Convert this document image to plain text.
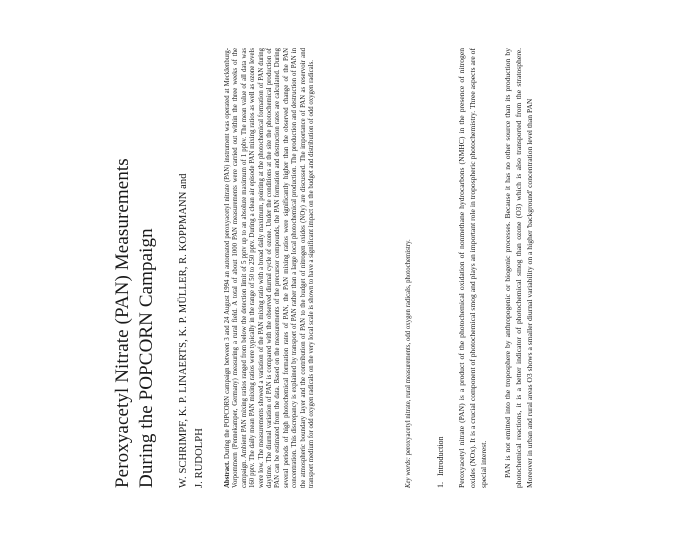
Peroxyacetyl Nitrate (PAN) Measurements During the POPCORN Campaign W. SCHRIMPF, K. P. LINAERTS, K. P. MÜLLER, R. KOPPMANN and J. RUDOLPH	Abstract. During the POPCORN campaign between 3 and 24 August 1994 an automated peroxyacetyl nitrate (PAN) instrument was operated at Mecklenburg-Vorpommern (Pennekamper, Germany) measuring a rural field. A total of about 1000 PAN measurements were carried out within the three weeks of the campaign. Ambient PAN mixing ratios ranged from below the detection limit of 5 pptv up to an absolute maximum of 1 ppbv. The mean value of all data was 160 pptv. The daily mean PAN mixing ratios were typically in the range of 50 to 250 pptv. During a clean air episode PAN mixing ratios as well as ozone levels were low. The measurements showed a variation of the PAN mixing ratio with a broad daily maximum, pointing at the photochemical formation of PAN during daytime. The diurnal variation of PAN is compared with the observed diurnal cycle of ozone. Under the conditions at the site the photochemical production of PAN can be estimated from the data. Based on the measurements of the precursor compounds, the PAN formation and destruction rates are calculated. During several periods of high photochemical formation rates of PAN, the PAN mixing ratios were significantly higher than the observed change of the PAN concentration. This discrepancy is explained by transport of PAN rather than a large local photochemical production. The production and destruction of PAN in the atmospheric boundary layer and the contribution of PAN to the budget of nitrogen oxides (NOy) are discussed. The importance of PAN as reservoir and transport medium for odd oxygen radicals on the very local scale is shown to have a significant impact on the budget and distribution of odd oxygen radicals.	Key words: peroxyacetyl nitrate, rural measurements, odd oxygen radicals, photochemistry.
1.   Introduction Peroxyacetyl nitrate (PAN) is a product of the photochemical oxidation of nonmethane hydrocarbons (NMHC) in the presence of nitrogen oxides (NOx). It is a crucial component of photochemical smog and plays an important role in tropospheric photochemistry. Three aspects are of special interest. PAN is not emitted into the troposphere by anthropogenic or biogenic processes. Because it has no other source than its production by photochemical reactions, it is a better indicator of photochemical smog than ozone (O3) which is also transported from the stratosphere. Moreover in urban and rural areas O3 shows a smaller diurnal variability on a higher 'background' concentration level than PAN
